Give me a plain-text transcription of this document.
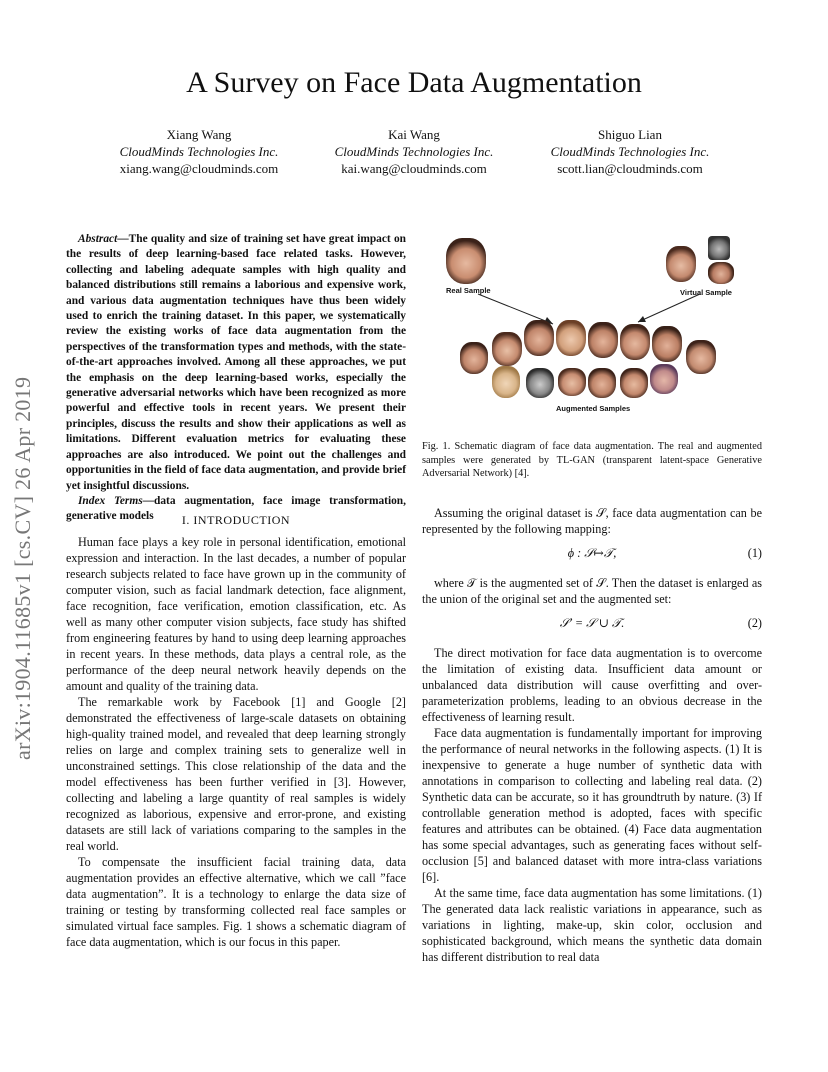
arXiv:1904.11685v1 [cs.CV] 26 Apr 2019
A Survey on Face Data Augmentation
Xiang Wang
CloudMinds Technologies Inc.
xiang.wang@cloudminds.com
Kai Wang
CloudMinds Technologies Inc.
kai.wang@cloudminds.com
Shiguo Lian
CloudMinds Technologies Inc.
scott.lian@cloudminds.com

Abstract—The quality and size of training set have great impact on the results of deep learning-based face related tasks. However, collecting and labeling adequate samples with high quality and balanced distributions still remains a laborious and expensive work, and various data augmentation techniques have thus been widely used to enrich the training dataset. In this paper, we systematically review the existing works of face data augmentation from the perspectives of the transformation types and methods, with the state-of-the-art approaches involved. Among all these approaches, we put the emphasis on the deep learning-based works, especially the generative adversarial networks which have been recognized as more powerful and effective tools in recent years. We present their principles, discuss the results and show their applications as well as limitations. Different evaluation metrics for evaluating these approaches are also introduced. We point out the challenges and opportunities in the field of face data augmentation, and provide brief yet insightful discussions.

Index Terms—data augmentation, face image transformation, generative models	I. INTRODUCTION

Human face plays a key role in personal identification, emotional expression and interaction. In the last decades, a number of popular research subjects related to face have grown up in the community of computer vision, such as facial landmark detection, face alignment, face recognition, face verification, emotion classification, etc. As well as many other computer vision subjects, face study has shifted from engineering features by hand to using deep learning approaches in recent years. In these methods, data plays a central role, as the performance of the deep neural network heavily depends on the amount and quality of the training data.

The remarkable work by Facebook [1] and Google [2] demonstrated the effectiveness of large-scale datasets on obtaining high-quality trained model, and revealed that deep learning strongly relies on large and complex training sets to generalize well in unconstrained settings. This close relationship of the data and the model effectiveness has been further verified in [3]. However, collecting and labeling a large quantity of real samples is widely recognized as laborious, expensive and error-prone, and existing datasets are still lack of variations comparing to the samples in the real world.

To compensate the insufficient facial training data, data augmentation provides an effective alternative, which we call ”face data augmentation”. It is a technology to enlarge the data size of training or testing by transforming collected real face samples or simulated virtual face samples. Fig. 1 shows a schematic diagram of face data augmentation, which is our focus in this paper.

Real Sample	Virtual Sample
Augmented Samples
Fig. 1. Schematic diagram of face data augmentation. The real and augmented samples were generated by TL-GAN (transparent latent-space Generative Adversarial Network) [4].

Assuming the original dataset is 𝒮, face data augmentation can be represented by the following mapping:

ϕ : 𝒮↦𝒯,	(1)

where 𝒯 is the augmented set of 𝒮. Then the dataset is enlarged as the union of the original set and the augmented set:

𝒮′ = 𝒮 ∪ 𝒯.	(2)

The direct motivation for face data augmentation is to overcome the limitation of existing data. Insufficient data amount or unbalanced data distribution will cause overfitting and over-parameterization problems, leading to an obvious decrease in the effectiveness of learning result.

Face data augmentation is fundamentally important for improving the performance of neural networks in the following aspects. (1) It is inexpensive to generate a huge number of synthetic data with annotations in comparison to collecting and labeling real data. (2) Synthetic data can be accurate, so it has groundtruth by nature. (3) If controllable generation method is adopted, faces with specific features and attributes can be obtained. (4) Face data augmentation has some special advantages, such as generating faces without self-occlusion [5] and balanced dataset with more intra-class variations [6].

At the same time, face data augmentation has some limitations. (1) The generated data lack realistic variations in appearance, such as variations in lighting, make-up, skin color, occlusion and sophisticated background, which means the synthetic data domain has different distribution to real data
